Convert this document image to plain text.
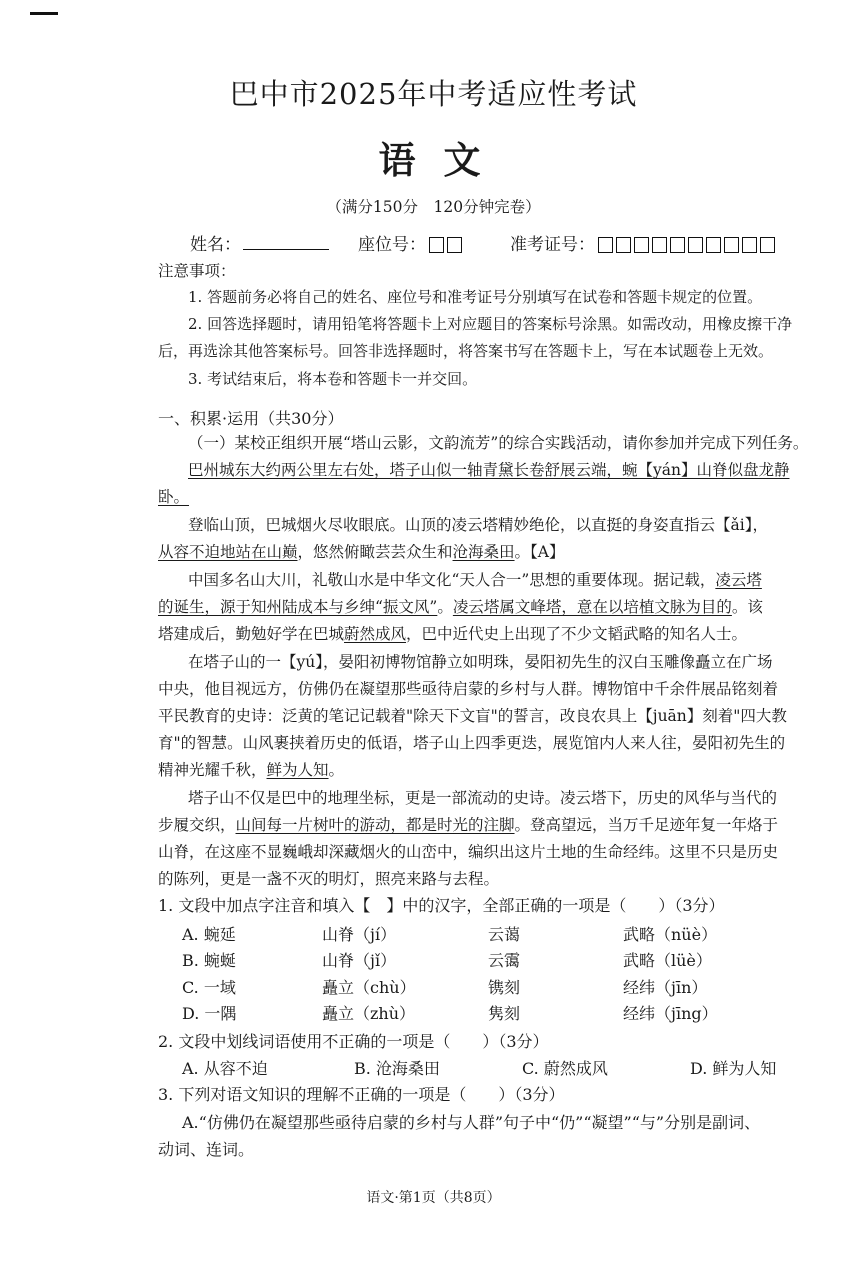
巴中市2025年中考适应性考试
语文
（满分150分　120分钟完卷）
姓名：	座位号：	准考证号：
注意事项：
1. 答题前务必将自己的姓名、座位号和准考证号分别填写在试卷和答题卡规定的位置。
2. 回答选择题时，请用铅笔将答题卡上对应题目的答案标号涂黑。如需改动，用橡皮擦干净
后，再选涂其他答案标号。回答非选择题时，将答案书写在答题卡上，写在本试题卷上无效。
3. 考试结束后，将本卷和答题卡一并交回。
一、积累·运用（共30分）
（一）某校正组织开展“塔山云影，文韵流芳”的综合实践活动，请你参加并完成下列任务。
巴州城东大约两公里左右处，塔子山似一轴青黛长卷舒展云端，蜿【yán】山脊似盘龙静
卧。
登临山顶，巴城烟火尽收眼底。山顶的凌云塔精妙绝伦，以直挺的身姿直指云【ǎi】，
从容不迫地站在山巅，悠然俯瞰芸芸众生和沧海桑田。【A】
中国多名山大川，礼敬山水是中华文化“天人合一”思想的重要体现。据记载，凌云塔
的诞生，源于知州陆成本与乡绅“振文风”。凌云塔属文峰塔，意在以培植文脉为目的。该
塔建成后，勤勉好学在巴城蔚然成风，巴中近代史上出现了不少文韬武略的知名人士。
在塔子山的一【yú】，晏阳初博物馆静立如明珠，晏阳初先生的汉白玉雕像矗立在广场
中央，他目视远方，仿佛仍在凝望那些亟待启蒙的乡村与人群。博物馆中千余件展品铭刻着
平民教育的史诗：泛黄的笔记记载着"除天下文盲"的誓言，改良农具上【juān】刻着"四大教
育"的智慧。山风裹挟着历史的低语，塔子山上四季更迭，展览馆内人来人往，晏阳初先生的
精神光耀千秋，鲜为人知。
塔子山不仅是巴中的地理坐标，更是一部流动的史诗。凌云塔下，历史的风华与当代的
步履交织，山间每一片树叶的游动，都是时光的注脚。登高望远，当万千足迹年复一年烙于
山脊，在这座不显巍峨却深藏烟火的山峦中，编织出这片土地的生命经纬。这里不只是历史
的陈列，更是一盏不灭的明灯，照亮来路与去程。
1. 文段中加点字注音和填入【　】中的汉字，全部正确的一项是（　　）（3分）
A. 蜿延	山脊（jí）	云蔼	武略（nüè）
B. 蜿蜒	山脊（jǐ）	云霭	武略（lüè）
C. 一域	矗立（chù）	镌刻	经纬（jīn）
D. 一隅	矗立（zhù）	隽刻	经纬（jīng）
2. 文段中划线词语使用不正确的一项是（　　）（3分）
A. 从容不迫	B. 沧海桑田	C. 蔚然成风	D. 鲜为人知
3. 下列对语文知识的理解不正确的一项是（　　）（3分）
A.“仿佛仍在凝望那些亟待启蒙的乡村与人群”句子中“仍”“凝望”“与”分别是副词、
动词、连词。
语文·第1页（共8页）
